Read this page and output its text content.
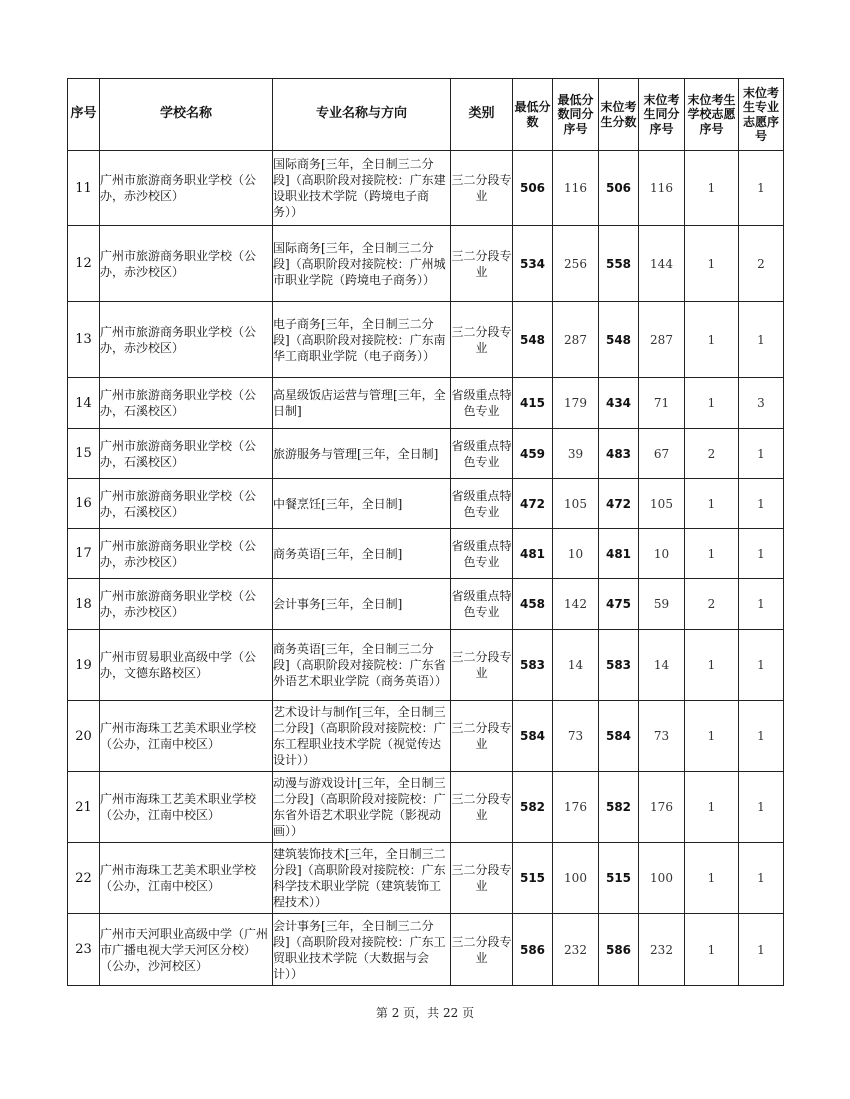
序号	学校名称	专业名称与方向	类别	最低分数	最低分数同分序号	末位考生分数	末位考生同分序号	末位考生学校志愿序号	末位考生专业志愿序号
11	广州市旅游商务职业学校（公办，赤沙校区）	国际商务[三年，全日制三二分段]（高职阶段对接院校：广东建设职业技术学院（跨境电子商务））	三二分段专业	506	116	506	116	1	1
12	广州市旅游商务职业学校（公办，赤沙校区）	国际商务[三年，全日制三二分段]（高职阶段对接院校：广州城市职业学院（跨境电子商务））	三二分段专业	534	256	558	144	1	2
13	广州市旅游商务职业学校（公办，赤沙校区）	电子商务[三年，全日制三二分段]（高职阶段对接院校：广东南华工商职业学院（电子商务））	三二分段专业	548	287	548	287	1	1
14	广州市旅游商务职业学校（公办，石溪校区）	高星级饭店运营与管理[三年，全日制]	省级重点特色专业	415	179	434	71	1	3
15	广州市旅游商务职业学校（公办，石溪校区）	旅游服务与管理[三年，全日制]	省级重点特色专业	459	39	483	67	2	1
16	广州市旅游商务职业学校（公办，石溪校区）	中餐烹饪[三年，全日制]	省级重点特色专业	472	105	472	105	1	1
17	广州市旅游商务职业学校（公办，赤沙校区）	商务英语[三年，全日制]	省级重点特色专业	481	10	481	10	1	1
18	广州市旅游商务职业学校（公办，赤沙校区）	会计事务[三年，全日制]	省级重点特色专业	458	142	475	59	2	1
19	广州市贸易职业高级中学（公办，文德东路校区）	商务英语[三年，全日制三二分段]（高职阶段对接院校：广东省外语艺术职业学院（商务英语））	三二分段专业	583	14	583	14	1	1
20	广州市海珠工艺美术职业学校（公办，江南中校区）	艺术设计与制作[三年，全日制三二分段]（高职阶段对接院校：广东工程职业技术学院（视觉传达设计））	三二分段专业	584	73	584	73	1	1
21	广州市海珠工艺美术职业学校（公办，江南中校区）	动漫与游戏设计[三年，全日制三二分段]（高职阶段对接院校：广东省外语艺术职业学院（影视动画））	三二分段专业	582	176	582	176	1	1
22	广州市海珠工艺美术职业学校（公办，江南中校区）	建筑装饰技术[三年，全日制三二分段]（高职阶段对接院校：广东科学技术职业学院（建筑装饰工程技术））	三二分段专业	515	100	515	100	1	1
23	广州市天河职业高级中学（广州市广播电视大学天河区分校）（公办，沙河校区）	会计事务[三年，全日制三二分段]（高职阶段对接院校：广东工贸职业技术学院（大数据与会计））	三二分段专业	586	232	586	232	1	1
第 2 页，共 22 页
